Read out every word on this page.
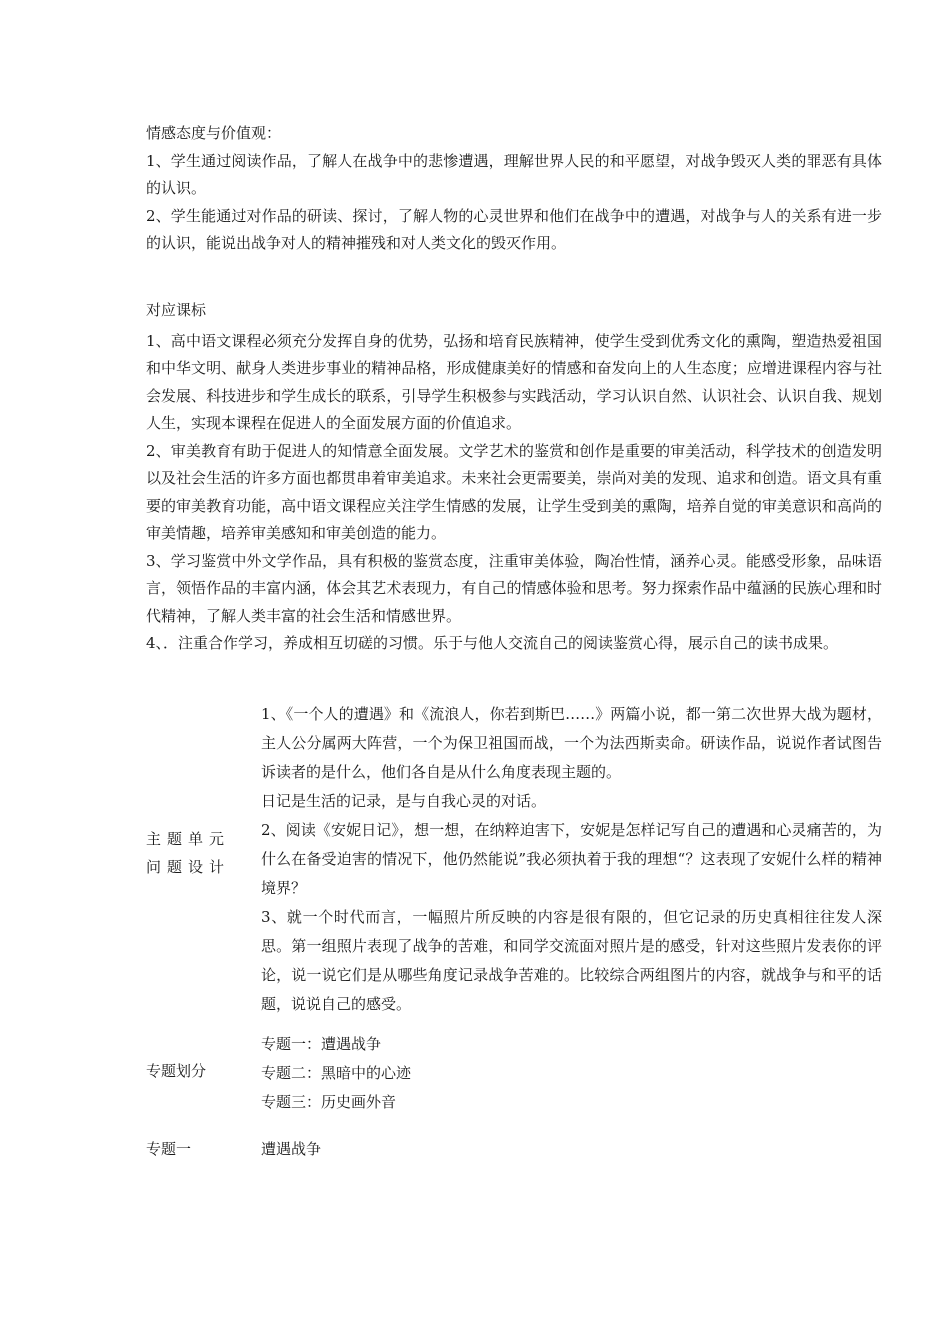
情感态度与价值观：

1、学生通过阅读作品，了解人在战争中的悲惨遭遇，理解世界人民的和平愿望，对战争毁灭人类的罪恶有具体的认识。

2、学生能通过对作品的研读、探讨，了解人物的心灵世界和他们在战争中的遭遇，对战争与人的关系有进一步的认识，能说出战争对人的精神摧残和对人类文化的毁灭作用。

对应课标

1、高中语文课程必须充分发挥自身的优势，弘扬和培育民族精神，使学生受到优秀文化的熏陶，塑造热爱祖国和中华文明、献身人类进步事业的精神品格，形成健康美好的情感和奋发向上的人生态度；应增进课程内容与社会发展、科技进步和学生成长的联系，引导学生积极参与实践活动，学习认识自然、认识社会、认识自我、规划人生，实现本课程在促进人的全面发展方面的价值追求。

2、审美教育有助于促进人的知情意全面发展。文学艺术的鉴赏和创作是重要的审美活动，科学技术的创造发明以及社会生活的许多方面也都贯串着审美追求。未来社会更需要美，崇尚对美的发现、追求和创造。语文具有重要的审美教育功能，高中语文课程应关注学生情感的发展，让学生受到美的熏陶，培养自觉的审美意识和高尚的审美情趣，培养审美感知和审美创造的能力。

3、学习鉴赏中外文学作品，具有积极的鉴赏态度，注重审美体验，陶冶性情，涵养心灵。能感受形象，品味语言，领悟作品的丰富内涵，体会其艺术表现力，有自己的情感体验和思考。努力探索作品中蕴涵的民族心理和时代精神，了解人类丰富的社会生活和情感世界。

4、．注重合作学习，养成相互切磋的习惯。乐于与他人交流自己的阅读鉴赏心得，展示自己的读书成果。

主题单元问题设计

1、《一个人的遭遇》和《流浪人，你若到斯巴……》两篇小说，都一第二次世界大战为题材，主人公分属两大阵营，一个为保卫祖国而战，一个为法西斯卖命。研读作品，说说作者试图告诉读者的是什么，他们各自是从什么角度表现主题的。

日记是生活的记录，是与自我心灵的对话。

2、阅读《安妮日记》，想一想，在纳粹迫害下，安妮是怎样记写自己的遭遇和心灵痛苦的，为什么在备受迫害的情况下，他仍然能说”我必须执着于我的理想“？这表现了安妮什么样的精神境界？

3、就一个时代而言，一幅照片所反映的内容是很有限的，但它记录的历史真相往往发人深思。第一组照片表现了战争的苦难，和同学交流面对照片是的感受，针对这些照片发表你的评论，说一说它们是从哪些角度记录战争苦难的。比较综合两组图片的内容，就战争与和平的话题，说说自己的感受。

专题划分

专题一：遭遇战争

专题二：黑暗中的心迹

专题三：历史画外音

专题一	遭遇战争
